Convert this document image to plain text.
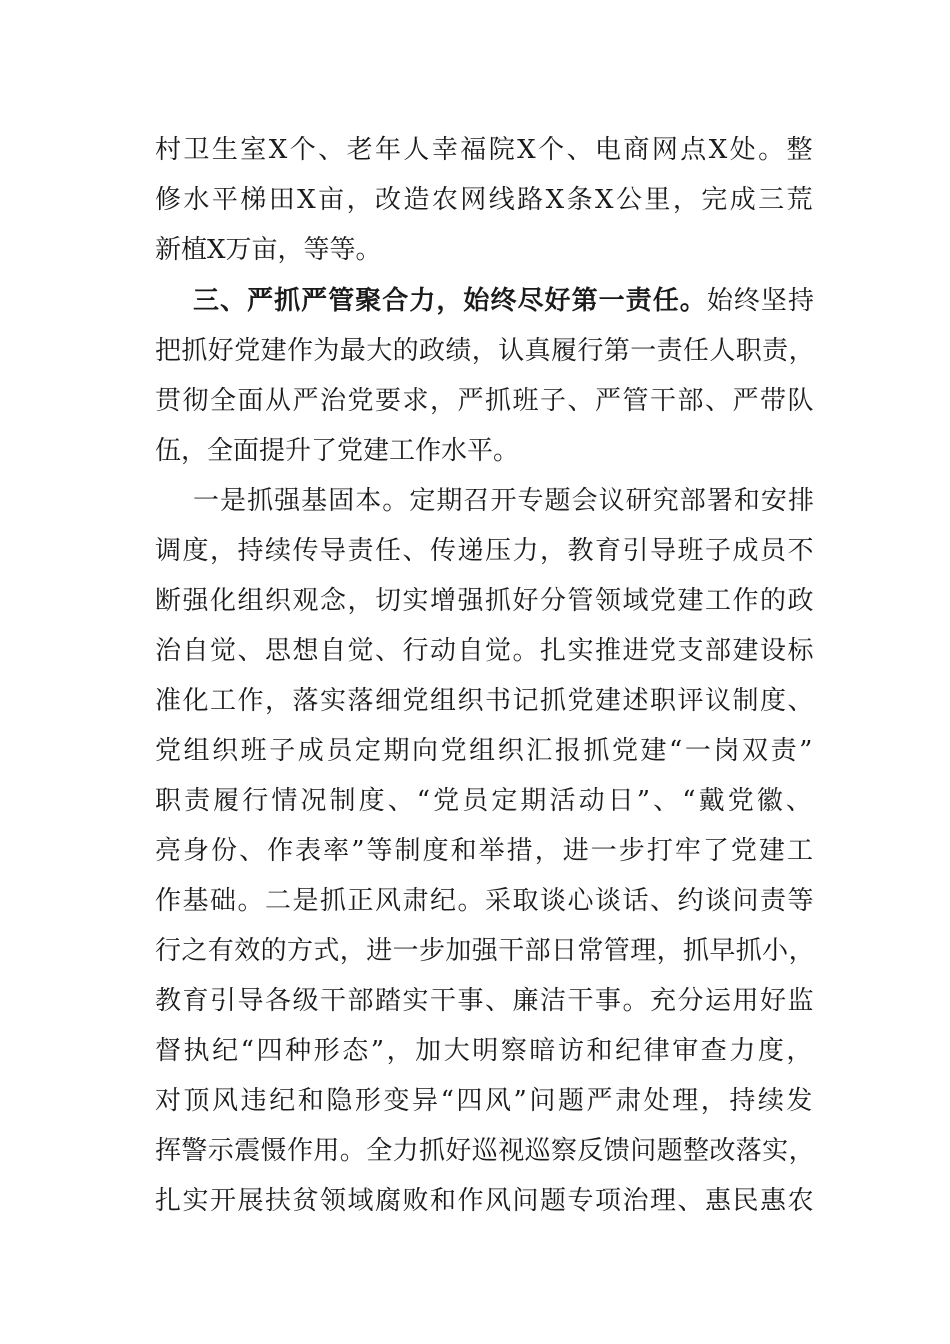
村卫生室X个、老年人幸福院X个、电商网点X处。整
修水平梯田X亩，改造农网线路X条X公里，完成三荒
新植X万亩，等等。
三、严抓严管聚合力，始终尽好第一责任。始终坚持
把抓好党建作为最大的政绩，认真履行第一责任人职责，
贯彻全面从严治党要求，严抓班子、严管干部、严带队
伍，全面提升了党建工作水平。
一是抓强基固本。定期召开专题会议研究部署和安排
调度，持续传导责任、传递压力，教育引导班子成员不
断强化组织观念，切实增强抓好分管领域党建工作的政
治自觉、思想自觉、行动自觉。扎实推进党支部建设标
准化工作，落实落细党组织书记抓党建述职评议制度、
党组织班子成员定期向党组织汇报抓党建“一岗双责”
职责履行情况制度、“党员定期活动日”、“戴党徽、
亮身份、作表率”等制度和举措，进一步打牢了党建工
作基础。二是抓正风肃纪。采取谈心谈话、约谈问责等
行之有效的方式，进一步加强干部日常管理，抓早抓小，
教育引导各级干部踏实干事、廉洁干事。充分运用好监
督执纪“四种形态”，加大明察暗访和纪律审查力度，
对顶风违纪和隐形变异“四风”问题严肃处理，持续发
挥警示震慑作用。全力抓好巡视巡察反馈问题整改落实，
扎实开展扶贫领域腐败和作风问题专项治理、惠民惠农
